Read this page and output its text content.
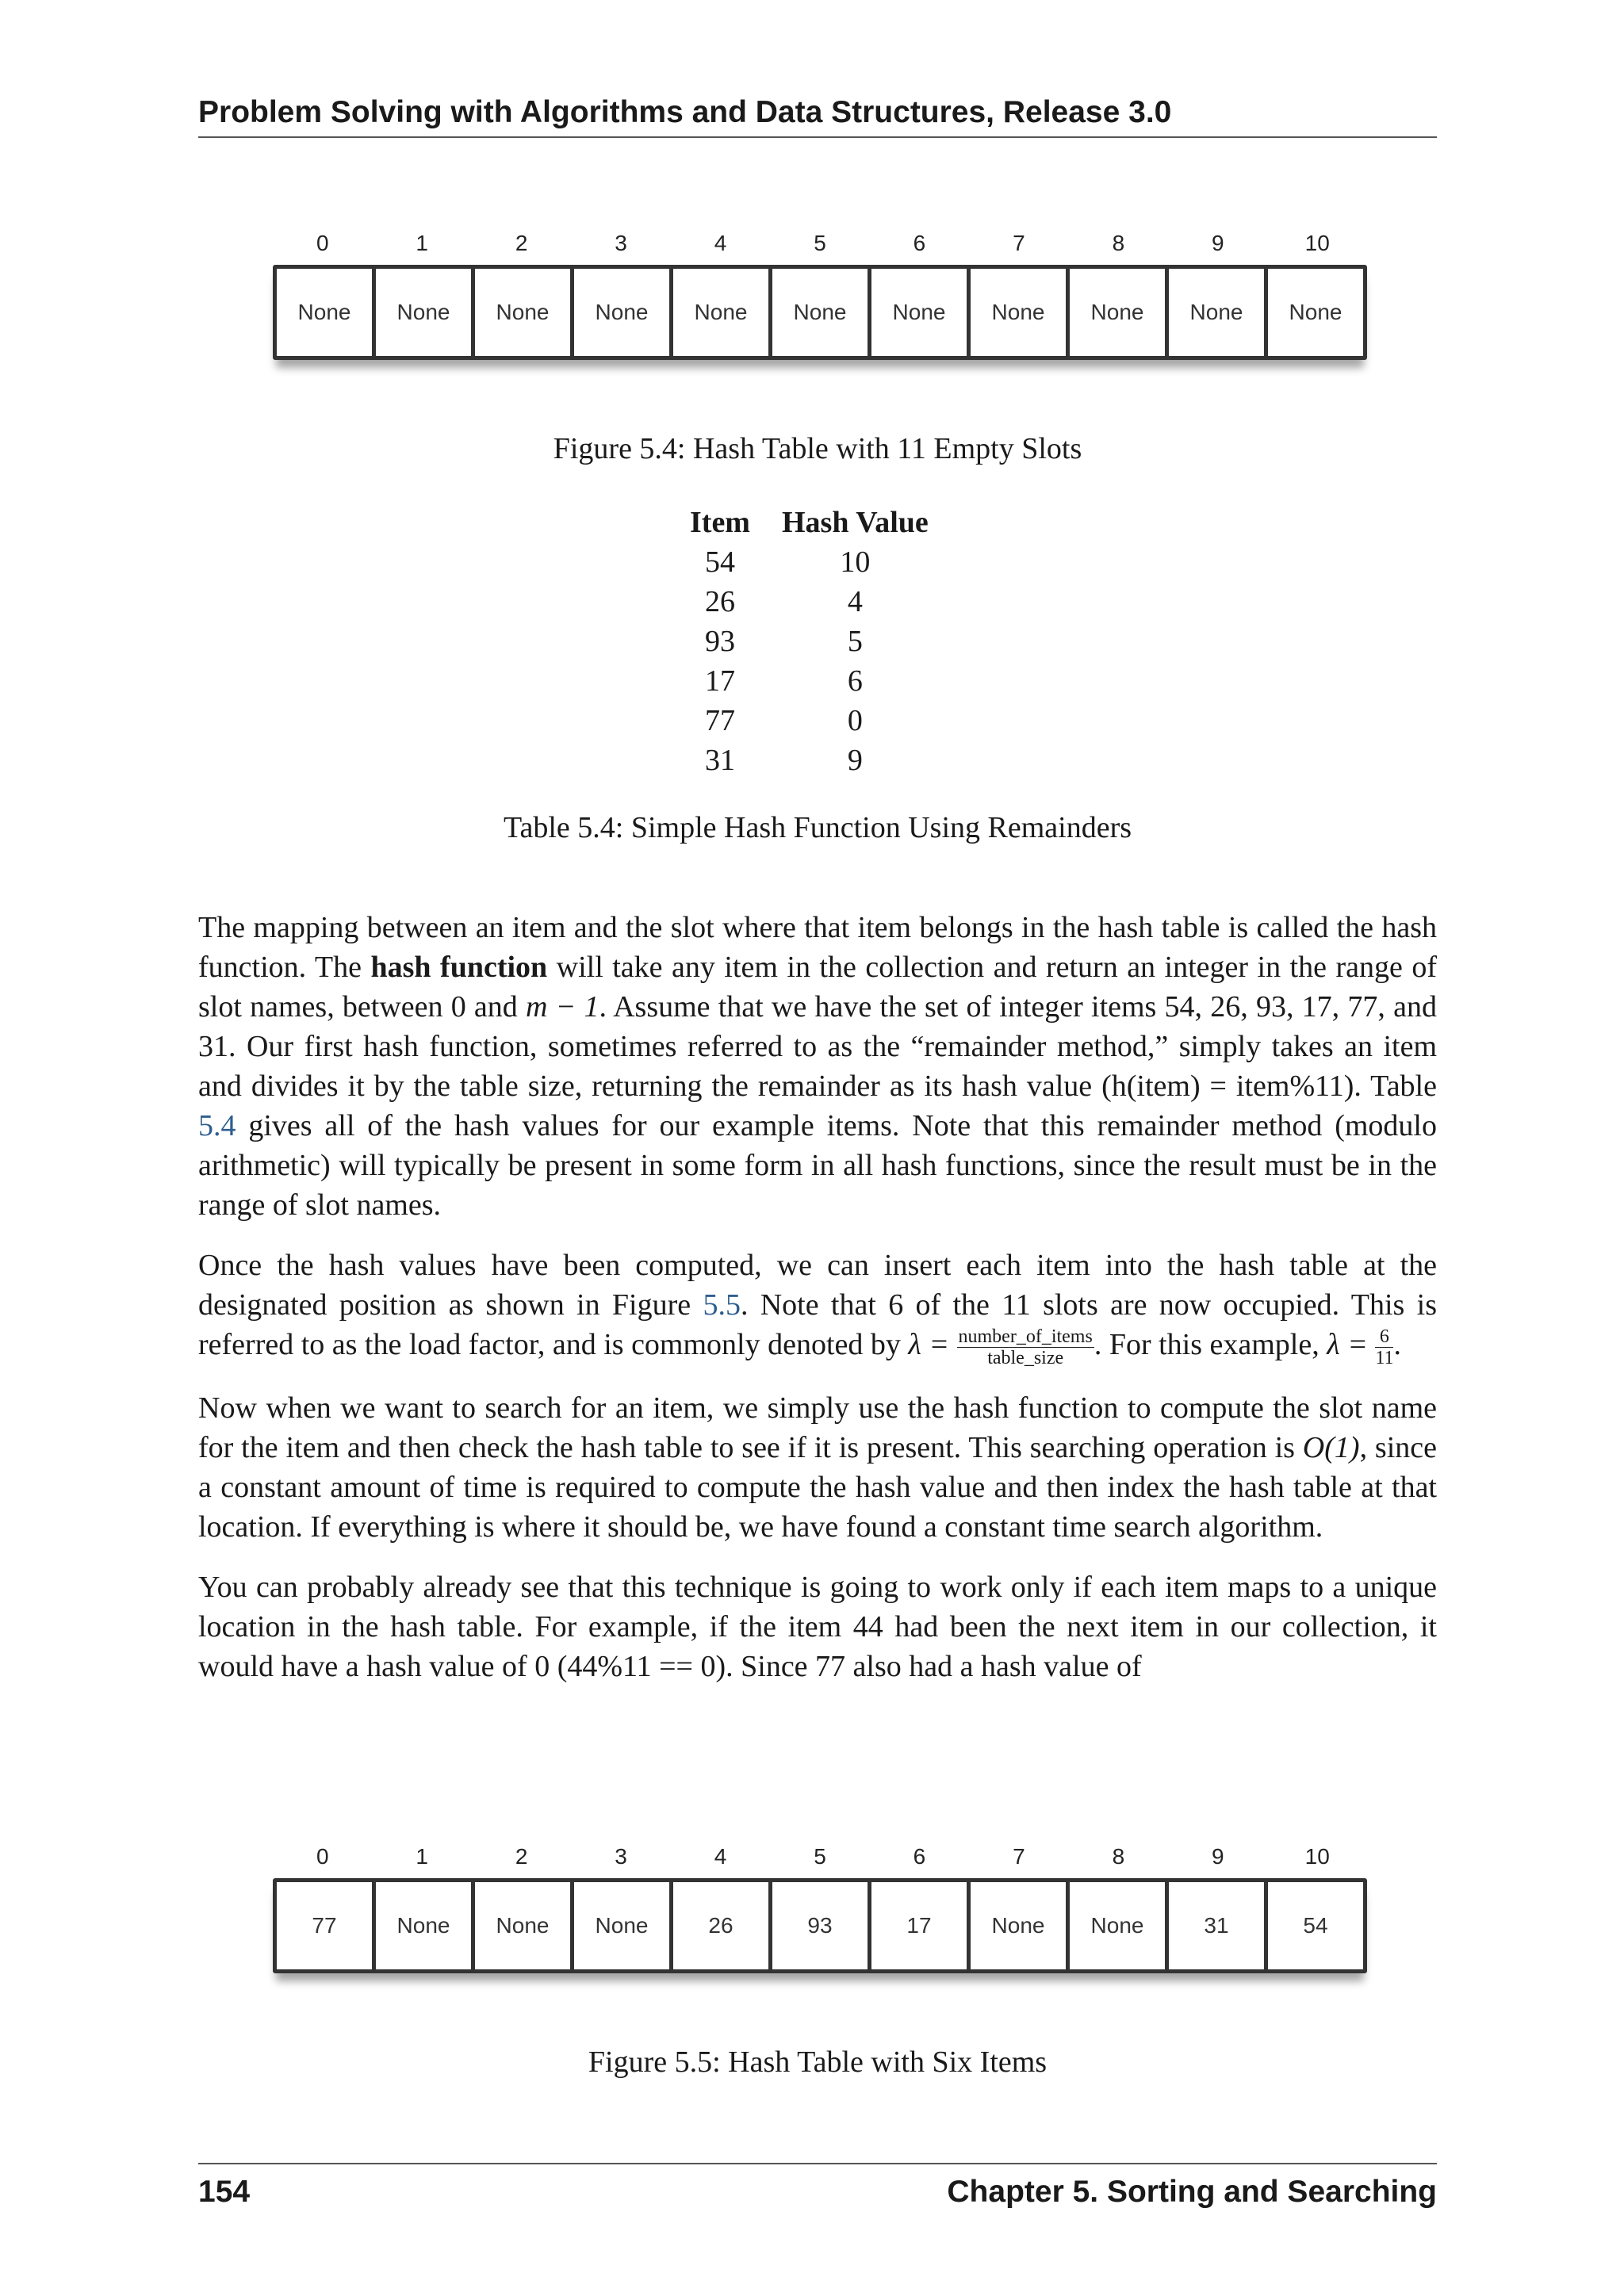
Problem Solving with Algorithms and Data Structures, Release 3.0
0	1	2	3	4	5	6	7	8	9	10
None	None	None	None	None	None	None	None	None	None	None
Figure 5.4: Hash Table with 11 Empty Slots
Item	Hash Value
54	10
26	4
93	5
17	6
77	0
31	9
Table 5.4: Simple Hash Function Using Remainders

The mapping between an item and the slot where that item belongs in the hash table is called the hash function. The hash function will take any item in the collection and return an integer in the range of slot names, between 0 and m − 1. Assume that we have the set of integer items 54, 26, 93, 17, 77, and 31. Our first hash function, sometimes referred to as the “remainder method,” simply takes an item and divides it by the table size, returning the remainder as its hash value (h(item) = item%11). Table 5.4 gives all of the hash values for our example items. Note that this remainder method (modulo arithmetic) will typically be present in some form in all hash functions, since the result must be in the range of slot names.

Once the hash values have been computed, we can insert each item into the hash table at the designated position as shown in Figure 5.5. Note that 6 of the 11 slots are now occupied. This is referred to as the load factor, and is commonly denoted by $\lambda = \frac{\text{number\_of\_items}}{\text{table\_size}}$ . For this example, $\lambda = \frac{6}{11}$ .

Now when we want to search for an item, we simply use the hash function to compute the slot name for the item and then check the hash table to see if it is present. This searching operation is O(1), since a constant amount of time is required to compute the hash value and then index the hash table at that location. If everything is where it should be, we have found a constant time search algorithm.

You can probably already see that this technique is going to work only if each item maps to a unique location in the hash table. For example, if the item 44 had been the next item in our collection, it would have a hash value of 0 (44%11 == 0). Since 77 also had a hash value of

0	1	2	3	4	5	6	7	8	9	10
77	None	None	None	26	93	17	None	None	31	54
Figure 5.5: Hash Table with Six Items
154	Chapter 5. Sorting and Searching
